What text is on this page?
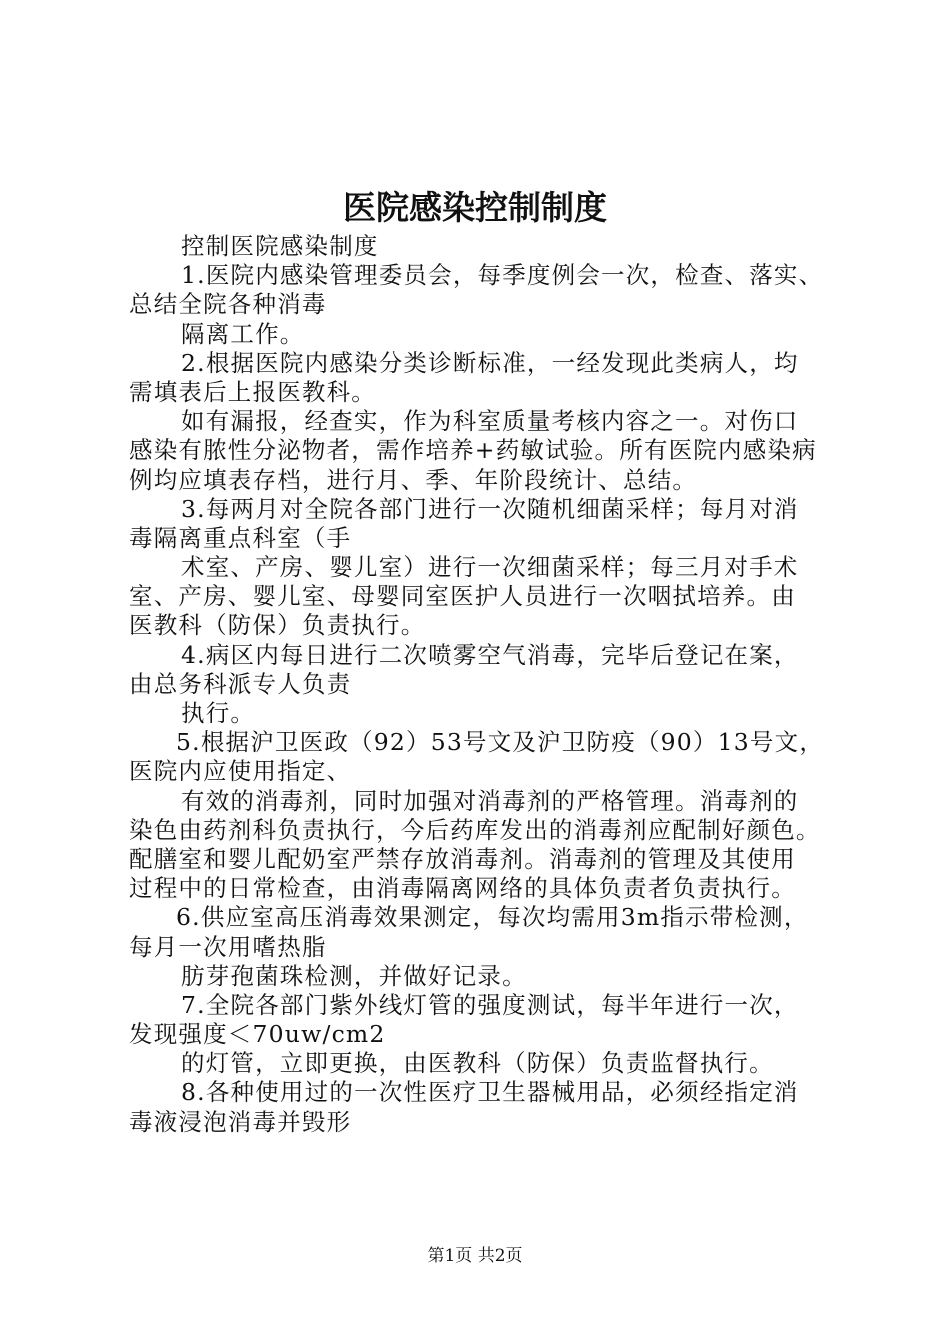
医院感染控制制度
控制医院感染制度
1.医院内感染管理委员会，每季度例会一次，检查、落实、
总结全院各种消毒
隔离工作。
2.根据医院内感染分类诊断标准，一经发现此类病人，均
需填表后上报医教科。
如有漏报，经查实，作为科室质量考核内容之一。对伤口
感染有脓性分泌物者，需作培养+药敏试验。所有医院内感染病
例均应填表存档，进行月、季、年阶段统计、总结。
3.每两月对全院各部门进行一次随机细菌采样；每月对消
毒隔离重点科室（手
术室、产房、婴儿室）进行一次细菌采样；每三月对手术
室、产房、婴儿室、母婴同室医护人员进行一次咽拭培养。由
医教科（防保）负责执行。
4.病区内每日进行二次喷雾空气消毒，完毕后登记在案，
由总务科派专人负责
执行。
5.根据沪卫医政（92）53号文及沪卫防疫（90）13号文，
医院内应使用指定、
有效的消毒剂，同时加强对消毒剂的严格管理。消毒剂的
染色由药剂科负责执行，今后药库发出的消毒剂应配制好颜色。
配膳室和婴儿配奶室严禁存放消毒剂。消毒剂的管理及其使用
过程中的日常检查，由消毒隔离网络的具体负责者负责执行。
6.供应室高压消毒效果测定，每次均需用3m指示带检测，
每月一次用嗜热脂
肪芽孢菌珠检测，并做好记录。
7.全院各部门紫外线灯管的强度测试，每半年进行一次，
发现强度＜70uw/cm2
的灯管，立即更换，由医教科（防保）负责监督执行。
8.各种使用过的一次性医疗卫生器械用品，必须经指定消
毒液浸泡消毒并毁形
第1页 共2页
